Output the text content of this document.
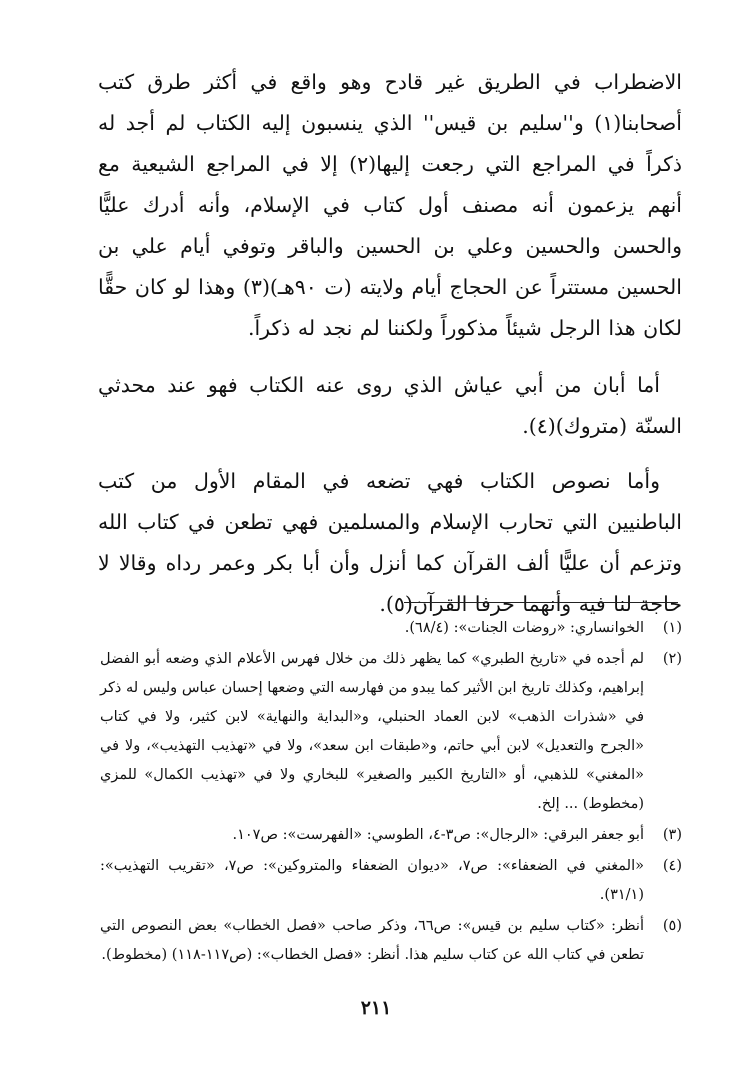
الاضطراب في الطريق غير قادح وهو واقع في أكثر طرق كتب أصحابنا(١) و''سليم بن قيس'' الذي ينسبون إليه الكتاب لم أجد له ذكراً في المراجع التي رجعت إليها(٢) إلا في المراجع الشيعية مع أنهم يزعمون أنه مصنف أول كتاب في الإسلام، وأنه أدرك عليًّا والحسن والحسين وعلي بن الحسين والباقر وتوفي أيام علي بن الحسين مستتراً عن الحجاج أيام ولايته (ت ٩٠هـ)(٣) وهذا لو كان حقًّا لكان هذا الرجل شيئاً مذكوراً ولكننا لم نجد له ذكراً.

أما أبان من أبي عياش الذي روى عنه الكتاب فهو عند محدثي السنّة (متروك)(٤).

وأما نصوص الكتاب فهي تضعه في المقام الأول من كتب الباطنيين التي تحارب الإسلام والمسلمين فهي تطعن في كتاب الله وتزعم أن عليًّا ألف القرآن كما أنزل وأن أبا بكر وعمر رداه وقالا لا حاجة لنا فيه وأنهما حرفا القرآن(٥).

(١)
الخوانساري: «روضات الجنات»: (٦٨/٤).
(٢)
لم أجده في «تاريخ الطبري» كما يظهر ذلك من خلال فهرس الأعلام الذي وضعه أبو الفضل إبراهيم، وكذلك تاريخ ابن الأثير كما يبدو من فهارسه التي وضعها إحسان عباس وليس له ذكر في «شذرات الذهب» لابن العماد الحنبلي، و«البداية والنهاية» لابن كثير، ولا في كتاب «الجرح والتعديل» لابن أبي حاتم، و«طبقات ابن سعد»، ولا في «تهذيب التهذيب»، ولا في «المغني» للذهبي، أو «التاريخ الكبير والصغير» للبخاري ولا في «تهذيب الكمال» للمزي (مخطوط) ... إلخ.
(٣)
أبو جعفر البرقي: «الرجال»: ص٣-٤، الطوسي: «الفهرست»: ص١٠٧.
(٤)
«المغني في الضعفاء»: ص٧، «ديوان الضعفاء والمتروكين»: ص٧، «تقريب التهذيب»: (٣١/١).
(٥)
أنظر: «كتاب سليم بن قيس»: ص٦٦، وذكر صاحب «فصل الخطاب» بعض النصوص التي تطعن في كتاب الله عن كتاب سليم هذا. أنظر: «فصل الخطاب»: (ص١١٧-١١٨) (مخطوط).
٢١١
